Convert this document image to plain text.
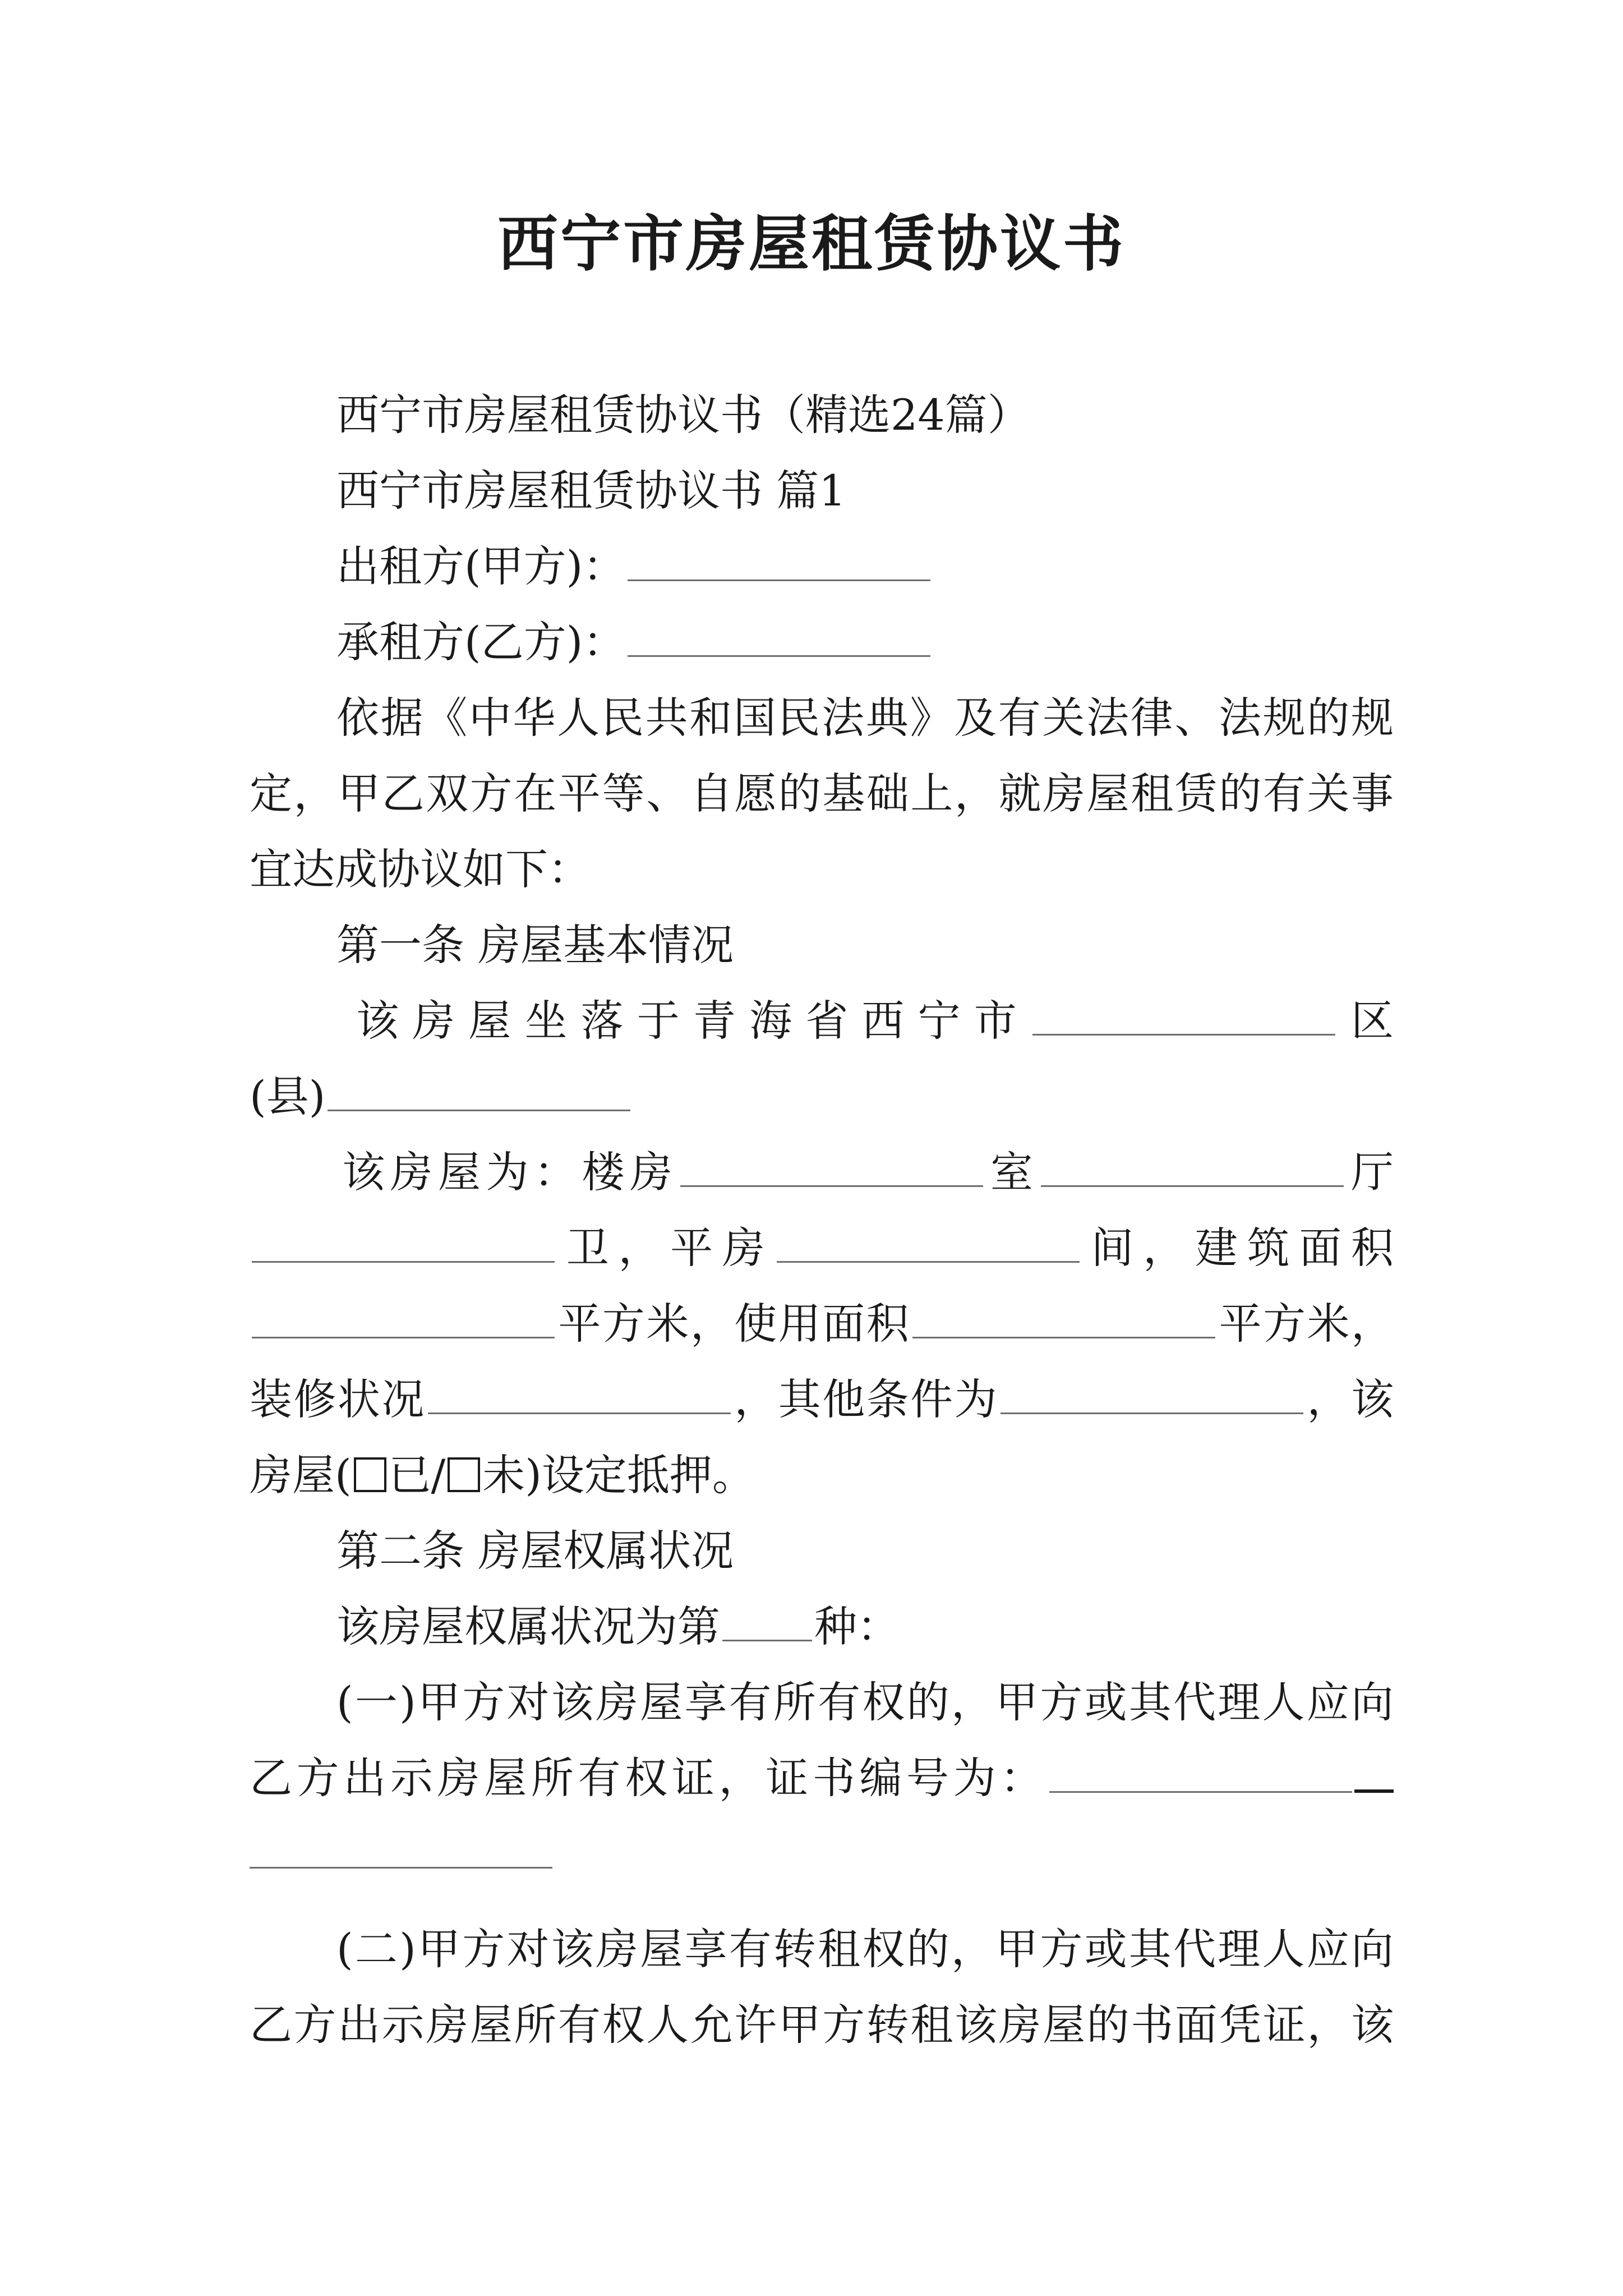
西宁市房屋租赁协议书
西宁市房屋租赁协议书（精选24篇）
西宁市房屋租赁协议书 篇1
出租方(甲方)：
承租方(乙方)：
依据《中华人民共和国民法典》及有关法律、法规的规
定，甲乙双方在平等、自愿的基础上，就房屋租赁的有关事
宜达成协议如下：
第一条 房屋基本情况
该房屋坐落于青海省西宁市	区
(县)
该房屋为：楼房	室	厅
卫，平房	间，建筑面积
平方米，使用面积	平方米，
装修状况	，其他条件为	，该
房屋( 已/ 未)设定抵押。
第二条 房屋权属状况
该房屋权属状况为第 种：
(一)甲方对该房屋享有所有权的，甲方或其代理人应向
乙方出示房屋所有权证，证书编号为：
(二)甲方对该房屋享有转租权的，甲方或其代理人应向
乙方出示房屋所有权人允许甲方转租该房屋的书面凭证，该
